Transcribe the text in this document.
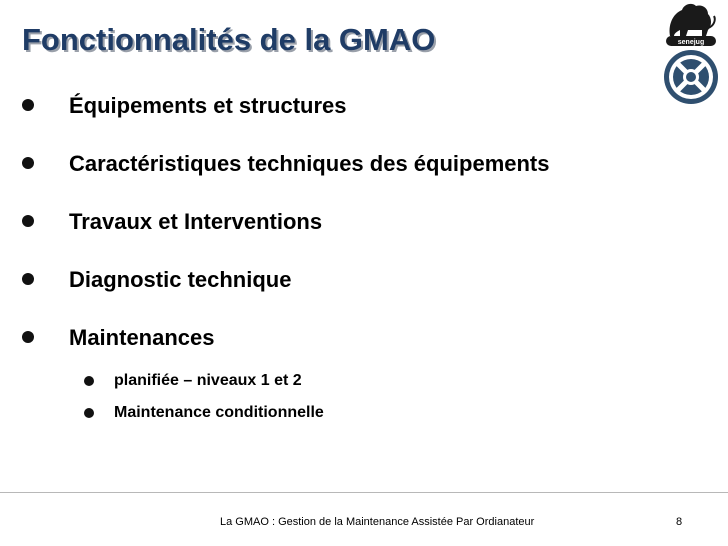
Fonctionnalités de la GMAO	senejug
Équipements et structures
Caractéristiques techniques des équipements
Travaux et Interventions
Diagnostic technique
Maintenances
planifiée – niveaux 1 et 2
Maintenance conditionnelle
La GMAO : Gestion de la Maintenance Assistée Par Ordianateur	8
